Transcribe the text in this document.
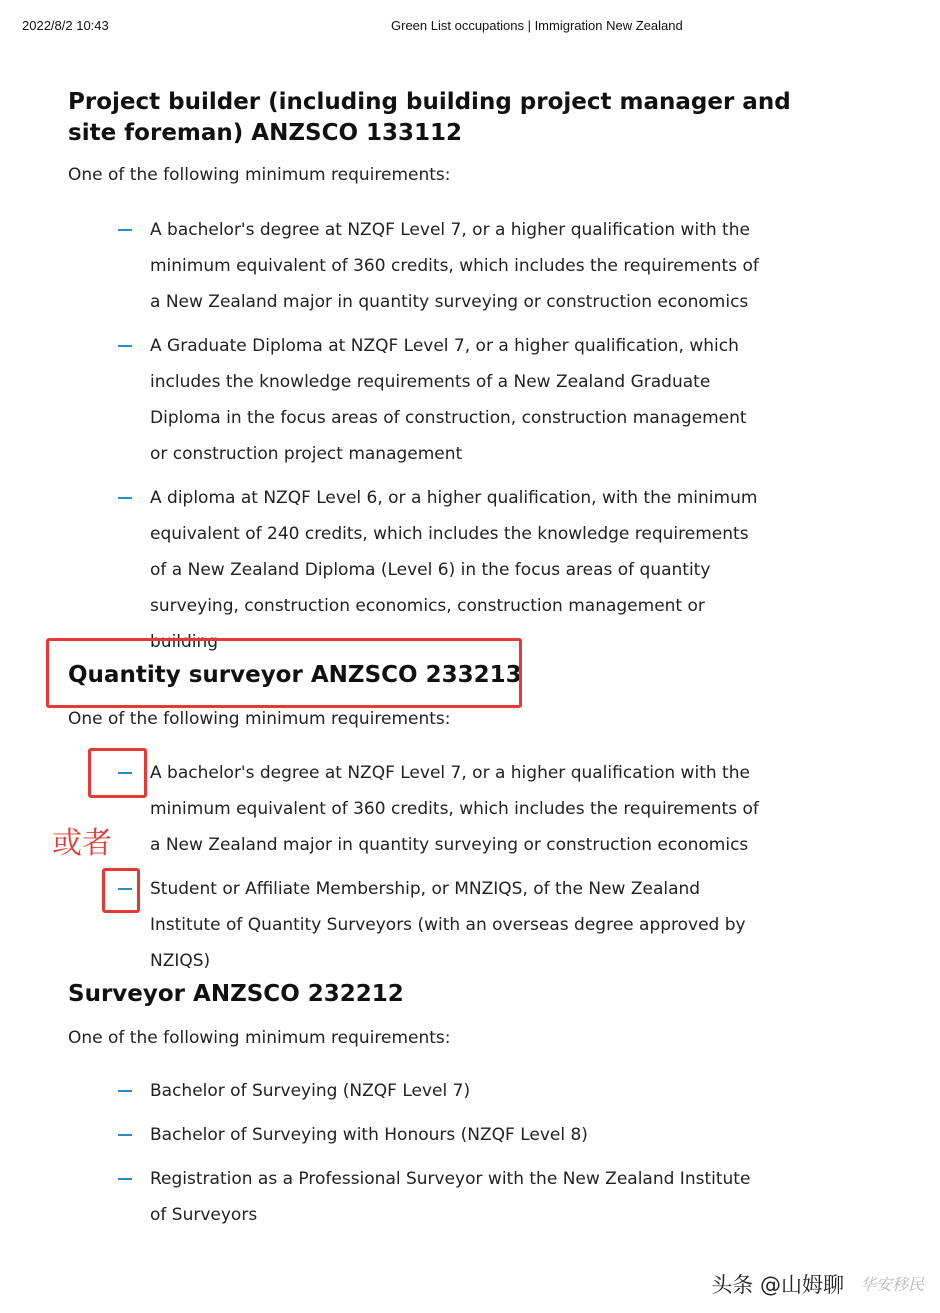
2022/8/2 10:43	Green List occupations | Immigration New Zealand
Project builder (including building project manager and site foreman) ANZSCO 133112
One of the following minimum requirements:
A bachelor's degree at NZQF Level 7, or a higher qualification with the minimum equivalent of 360 credits, which includes the requirements of a New Zealand major in quantity surveying or construction economics
A Graduate Diploma at NZQF Level 7, or a higher qualification, which includes the knowledge requirements of a New Zealand Graduate Diploma in the focus areas of construction, construction management or construction project management
A diploma at NZQF Level 6, or a higher qualification, with the minimum equivalent of 240 credits, which includes the knowledge requirements of a New Zealand Diploma (Level 6) in the focus areas of quantity surveying, construction economics, construction management or building
Quantity surveyor ANZSCO 233213
One of the following minimum requirements:
A bachelor's degree at NZQF Level 7, or a higher qualification with the minimum equivalent of 360 credits, which includes the requirements of a New Zealand major in quantity surveying or construction economics
Student or Affiliate Membership, or MNZIQS, of the New Zealand Institute of Quantity Surveyors (with an overseas degree approved by NZIQS)
或者
Surveyor ANZSCO 232212
One of the following minimum requirements:
Bachelor of Surveying (NZQF Level 7)
Bachelor of Surveying with Honours (NZQF Level 8)
Registration as a Professional Surveyor with the New Zealand Institute of Surveyors
华安移民
头条 @山姆聊
